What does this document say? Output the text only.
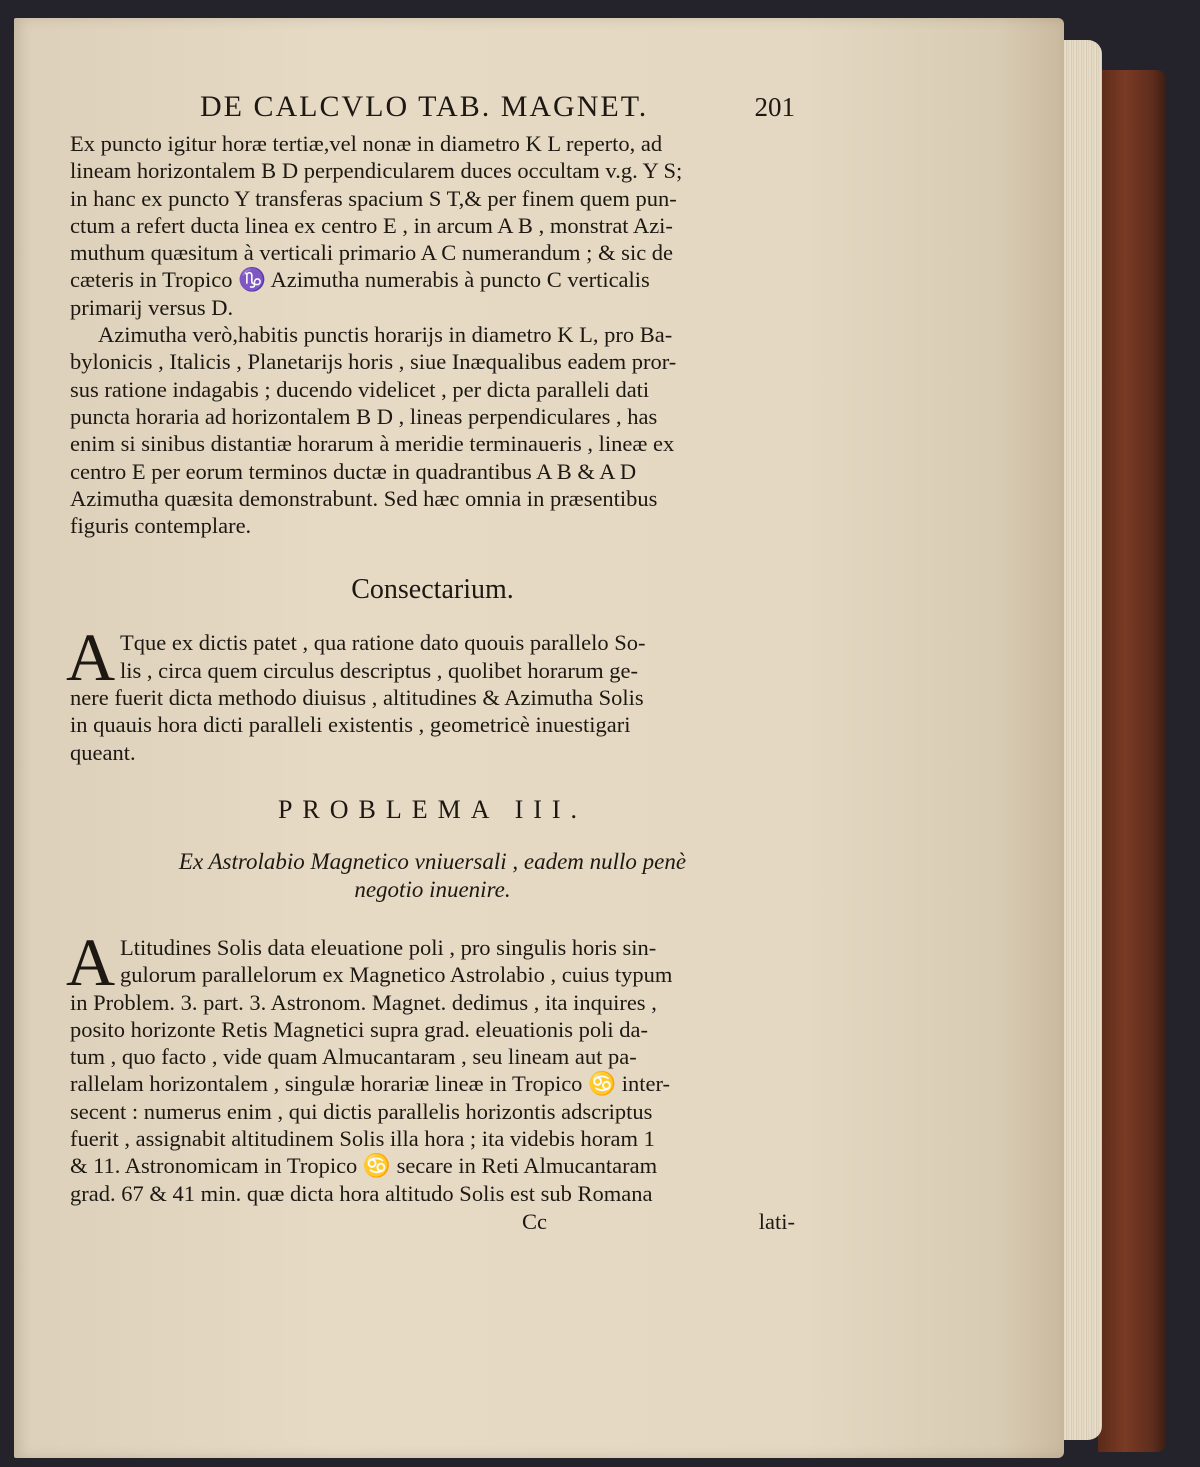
DE CALCVLO TAB. MAGNET.	201
Ex puncto igitur horæ tertiæ,vel nonæ in diametro K L reperto, ad
lineam horizontalem B D perpendicularem duces occultam v.g. Y S;
in hanc ex puncto Y transferas spacium S T,& per finem quem pun-
ctum a refert ducta linea ex centro E , in arcum A B , monstrat Azi-
muthum quæsitum à verticali primario A C numerandum ; & sic de
cæteris in Tropico ♑ Azimutha numerabis à puncto C verticalis
primarij versus D.
Azimutha verò,habitis punctis horarijs in diametro K L, pro Ba-
bylonicis , Italicis , Planetarijs horis , siue Inæqualibus eadem pror-
sus ratione indagabis ; ducendo videlicet , per dicta paralleli dati
puncta horaria ad horizontalem B D , lineas perpendiculares , has
enim si sinibus distantiæ horarum à meridie terminaueris , lineæ ex
centro E per eorum terminos ductæ in quadrantibus A B & A D
Azimutha quæsita demonstrabunt. Sed hæc omnia in præsentibus
figuris contemplare.
Consectarium.
A Tque ex dictis patet , qua ratione dato quouis parallelo So-
lis , circa quem circulus descriptus , quolibet horarum ge-
nere fuerit dicta methodo diuisus , altitudines & Azimutha Solis
in quauis hora dicti paralleli existentis , geometricè inuestigari
queant.
PROBLEMA III.
Ex Astrolabio Magnetico vniuersali , eadem nullo penè
negotio inuenire.
A Ltitudines Solis data eleuatione poli , pro singulis horis sin-
gulorum parallelorum ex Magnetico Astrolabio , cuius typum
in Problem. 3. part. 3. Astronom. Magnet. dedimus , ita inquires ,
posito horizonte Retis Magnetici supra grad. eleuationis poli da-
tum , quo facto , vide quam Almucantaram , seu lineam aut pa-
rallelam horizontalem , singulæ horariæ lineæ in Tropico ♋ inter-
secent : numerus enim , qui dictis parallelis horizontis adscriptus
fuerit , assignabit altitudinem Solis illa hora ; ita videbis horam 1
& 11. Astronomicam in Tropico ♋ secare in Reti Almucantaram
grad. 67 & 41 min. quæ dicta hora altitudo Solis est sub Romana
Cc	lati-
